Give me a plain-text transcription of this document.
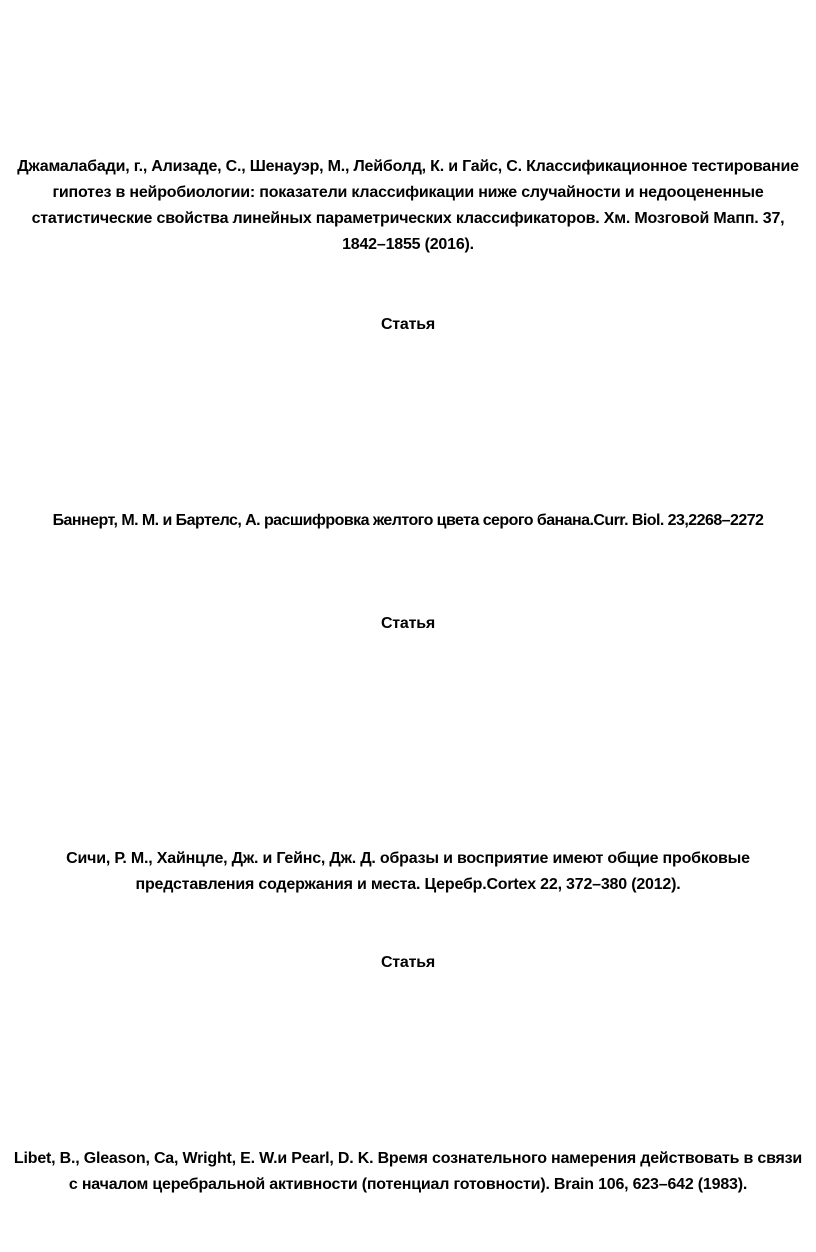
Джамалабади, г., Ализаде, С., Шенауэр, М., Лейболд, К. и Гайс, С. Классификационное тестирование гипотез в нейробиологии: показатели классификации ниже случайности и недооцененные статистические свойства линейных параметрических классификаторов. Хм. Мозговой Мапп. 37, 1842–1855 (2016).
Статья
Баннерт, М. М. и Бартелс, А. расшифровка желтого цвета серого банана.Curr. Biol. 23,2268–2272
Статья
Сичи, Р. М., Хайнцле, Дж. и Гейнс, Дж. Д. образы и восприятие имеют общие пробковые представления содержания и места. Церебр.Cortex 22, 372–380 (2012).
Статья
Libet, B., Gleason, Ca, Wright, E. W.и Pearl, D. K. Время сознательного намерения действовать в связи с началом церебральной активности (потенциал готовности). Brain 106, 623–642 (1983).
